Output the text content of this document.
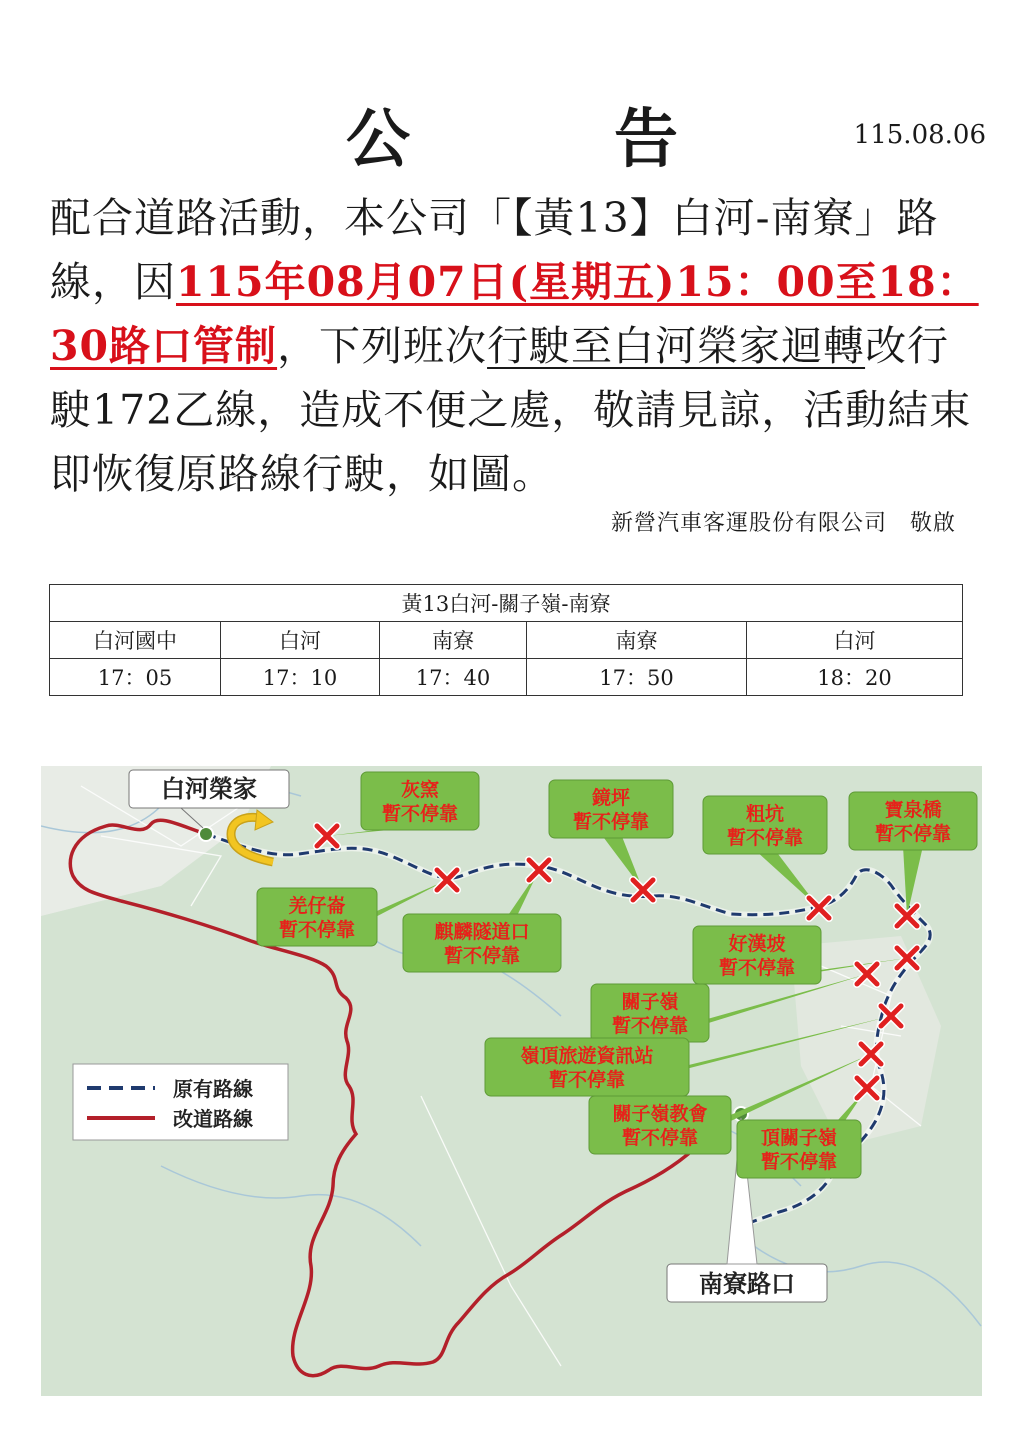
公　告	115.08.06
配合道路活動，本公司「【黃13】白河-南寮」路線，因115年08月07日(星期五)15：00至18：30路口管制，下列班次行駛至白河榮家迴轉改行駛172乙線，造成不便之處，敬請見諒，活動結束即恢復原路線行駛，如圖。
新營汽車客運股份有限公司　敬啟
黃13白河-關子嶺-南寮				
白河國中	白河	南寮	南寮	白河
17：05	17：10	17：40	17：50	18：20
白河榮家
南寮路口
灰窯
暫不停靠
鏡坪
暫不停靠	粗坑
暫不停靠
寶泉橋
暫不停靠
羌仔崙
暫不停靠	麒麟隧道口
暫不停靠
好漢坡
暫不停靠
關子嶺
暫不停靠
嶺頂旅遊資訊站
暫不停靠
關子嶺教會
暫不停靠	頂關子嶺
暫不停靠
原有路線
改道路線
